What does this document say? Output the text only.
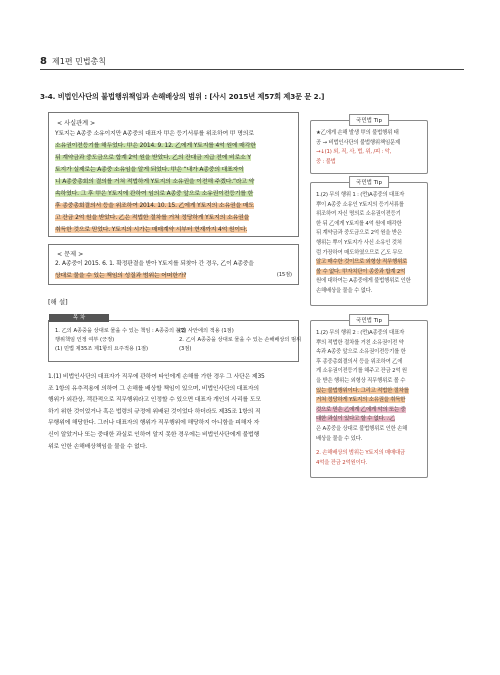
8 제1편 민법총칙
3-4. 비법인사단의 불법행위책임과 손해배상의 범위 : [사시 2015년 제57회 제3문 문 2.]
< 사실관계 >
Y토지는 A종중 소유이지만 A종중의 대표자 甲은 등기서류를 위조하여 甲 명의로
소유권이전등기를 해두었다. 甲은 2014. 9. 12. 乙에게 Y토지를 4억 원에 매각한
뒤 계약금과 중도금으로 합계 2억 원을 받았다. 乙의 잔대금 지급 전에 비로소 Y
토지가 실제로는 A종중 소유임을 알게 되었다. 甲은 “내가 A종중의 대표자이
니 A종중총회의 결의를 거쳐 적법하게 Y토지의 소유권을 이전해 주겠다.”라고 약
속하였다. 그 후 甲은 Y토지에 관하여 임의로 A종중 앞으로 소유권이전등기를 한
후 종중총회결의서 등을 위조하여 2014. 10. 15. 乙에게 Y토지의 소유권을 매도
고 잔금 2억 원을 받았다. 乙은 적법한 절차를 거쳐 정당하게 Y토지의 소유권을
취득한 것으로 믿었다. Y토지의 시가는 매매계약 시부터 현재까지 4억 원이다.
< 문제 >
2. A종중이 2015. 6. 1. 확정판결을 받아 Y토지를 되찾아 간 경우, 乙이 A종중을
상대로 물을 수 있는 책임의 성질과 범위는 어떠한가?	(15점)
[해 설]
목 차
1. 乙의 A종중을 상대로 물을 수 있는 책임 : A종중의 불법
행위책임 인정 여부 (긍정)
(1) 민법 제35조 제1항의 요주적용 (1점)
(2) 사안에의 적용 (1점)
2. 乙이 A종중을 상대로 물을 수 있는 손해배상의 범위
(3점)
1.(1) 비법인사단의 대표자가 직무에 관하여 타인에게 손해를 가한 경우 그 사단은 제35
조 1항의 유추적용에 의하여 그 손해를 배상할 책임이 있으며, 비법인사단의 대표자의
행위가 외관상, 객관적으로 직무행위라고 인정할 수 있으면 대표자 개인의 사리를 도모
하기 위한 것이었거나 혹은 법령의 규정에 위배된 것이었다 하더라도 제35조 1항의 직
무행위에 해당한다. 그러나 대표자의 행위가 직무행위에 해당하지 아니함을 피해자 자
신이 알았거나 또는 중대한 과실로 인하여 알지 못한 경우에는 비법인사단에게 불법행
위로 인한 손해배상책임을 물을 수 없다.
국민법 Tip
★乙에게 손해 발생 甲의 불법행위 태
공 → 비법인사단의 불법행위책임문제
→↓(1) 외, 직, 사, 법, 위, /피 : 악,
중 : 불법
국민법 Tip
1.(2) 무의 행위 1 : (먼)A종중의 대표자
뿌이 A종중 소유인 Y토지의 등기서류를
위조하여 자신 명의로 소유권이전등기
한 뒤 乙에게 Y토지를 4억 원에 매각한
뒤 계약금과 중도금으로 2억 원을 받은
행위는 뿌이 Y토지가 사신 소유인 것처
럼 가장하여 매도하였으므로 乙도 무모
알고 매수한 것이므로 외형상 직무행위로
볼 수 없다. 甲자치단이 종중과 합계 2억
원에 대하여는 A종중에게 불법행위로 인한
손해배상을 물을 수 없다.
국민법 Tip
1.(2) 무의 행위 2 : (먼)A종중의 대표자
뿌의 적법한 절차를 거친 소유권이전 약
속과 A종중 앞으로 소유권이전등기를 한
후 종중총회결의서 등을 위조하여 乙에
게 소유권이전등기를 해주고 잔금 2억 원
을 받은 행위는 외형상 직무행위로 볼 수
있는 불법행위이다. 그리고 적법한 절차를
거쳐 정당하게 Y토지의 소유권을 취득한
것으로 믿은 乙에게 乙에게 악의 또는 중
대한 과실이 있다고 할 수 없다. ∴乙
은 A종중을 상대로 불법행위로 인한 손해
배상을 물을 수 있다.
2. 손해배상의 범위는 Y토지의 매매대금
4억을 잔금 2억원이다.
